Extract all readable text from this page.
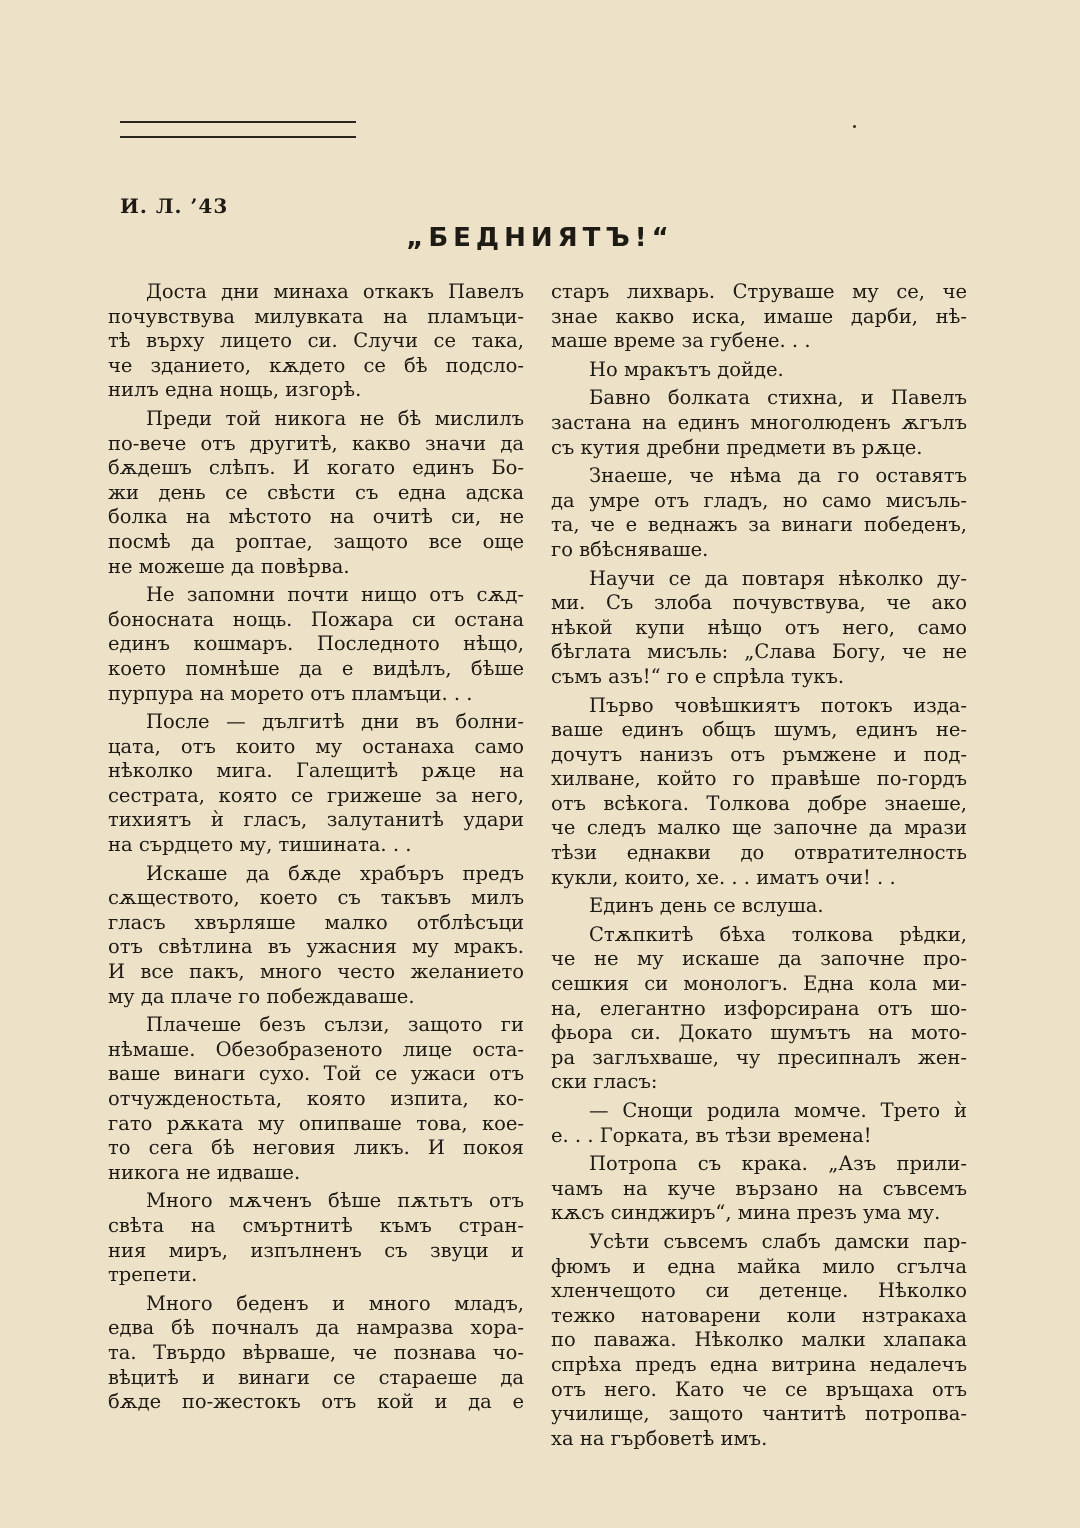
И. Л. ’43
„БЕДНИЯТЪ!“
Доста дни минаха откакъ Павелъ
почувствува милувката на пламъци-
тѣ върху лицето си. Случи се така,
че зданието, кѫдето се бѣ подсло-
нилъ една нощь, изгорѣ.
Преди той никога не бѣ мислилъ
по-вече отъ другитѣ, какво значи да
бѫдешъ слѣпъ. И когато единъ Бо-
жи день се свѣсти съ една адска
болка на мѣстото на очитѣ си, не
посмѣ да роптае, защото все още
не можеше да повѣрва.
Не запомни почти нищо отъ сѫд-
боносната нощь. Пожара си остана
единъ кошмаръ. Последното нѣщо,
което помнѣше да е видѣлъ, бѣше
пурпура на морето отъ пламъци. . .
После — дългитѣ дни въ болни-
цата, отъ които му останаха само
нѣколко мига. Галещитѣ рѫце на
сестрата, която се грижеше за него,
тихиятъ ѝ гласъ, залутанитѣ удари
на сърдцето му, тишината. . .
Искаше да бѫде храбъръ предъ
сѫществото, което съ такъвъ милъ
гласъ хвърляше малко отблѣсъци
отъ свѣтлина въ ужасния му мракъ.
И все пакъ, много често желанието
му да плаче го побеждаваше.
Плачеше безъ сълзи, защото ги
нѣмаше. Обезобразеното лице оста-
ваше винаги сухо. Той се ужаси отъ
отчужденостьта, която изпита, ко-
гато рѫката му опипваше това, кое-
то сега бѣ неговия ликъ. И покоя
никога не идваше.
Много мѫченъ бѣше пѫтьтъ отъ
свѣта на смъртнитѣ къмъ стран-
ния миръ, изпълненъ съ звуци и
трепети.
Много беденъ и много младъ,
едва бѣ почналъ да намразва хора-
та. Твърдо вѣрваше, че познава чо-
вѣцитѣ и винаги се стараеше да
бѫде по-жестокъ отъ кой и да е
старъ лихварь. Струваше му се, че
знае какво иска, имаше дарби, нѣ-
маше време за губене. . .
Но мракътъ дойде.
Бавно болката стихна, и Павелъ
застана на единъ многолюденъ ѫгълъ
съ кутия дребни предмети въ рѫце.
Знаеше, че нѣма да го оставятъ
да умре отъ гладъ, но само мисъль-
та, че е веднажъ за винаги победенъ,
го вбѣсняваше.
Научи се да повтаря нѣколко ду-
ми. Съ злоба почувствува, че ако
нѣкой купи нѣщо отъ него, само
бѣглата мисъль: „Слава Богу, че не
съмъ азъ!“ го е спрѣла тукъ.
Първо човѣшкиятъ потокъ изда-
ваше единъ общъ шумъ, единъ не-
дочутъ нанизъ отъ ръмжене и под-
хилване, който го правѣше по-гордъ
отъ всѣкога. Толкова добре знаеше,
че следъ малко ще започне да мрази
тѣзи еднакви до отвратителность
кукли, които, хе. . . иматъ очи! . .
Единъ день се вслуша.
Стѫпкитѣ бѣха толкова рѣдки,
че не му искаше да започне про-
сешкия си монологъ. Една кола ми-
на, елегантно изфорсирана отъ шо-
фьора си. Докато шумътъ на мото-
ра заглъхваше, чу пресипналъ жен-
ски гласъ:
— Снощи родила момче. Трето ѝ
е. . . Горката, въ тѣзи времена!
Потропа съ крака. „Азъ прили-
чамъ на куче вързано на съвсемъ
кѫсъ синджиръ“, мина презъ ума му.
Усѣти съвсемъ слабъ дамски пар-
фюмъ и една майка мило сгълча
хленчещото си детенце. Нѣколко
тежко натоварени коли нзтракаха
по паважа. Нѣколко малки хлапака
спрѣха предъ една витрина недалечъ
отъ него. Като че се връщаха отъ
училище, защото чантитѣ потропва-
ха на гърбоветѣ имъ.
